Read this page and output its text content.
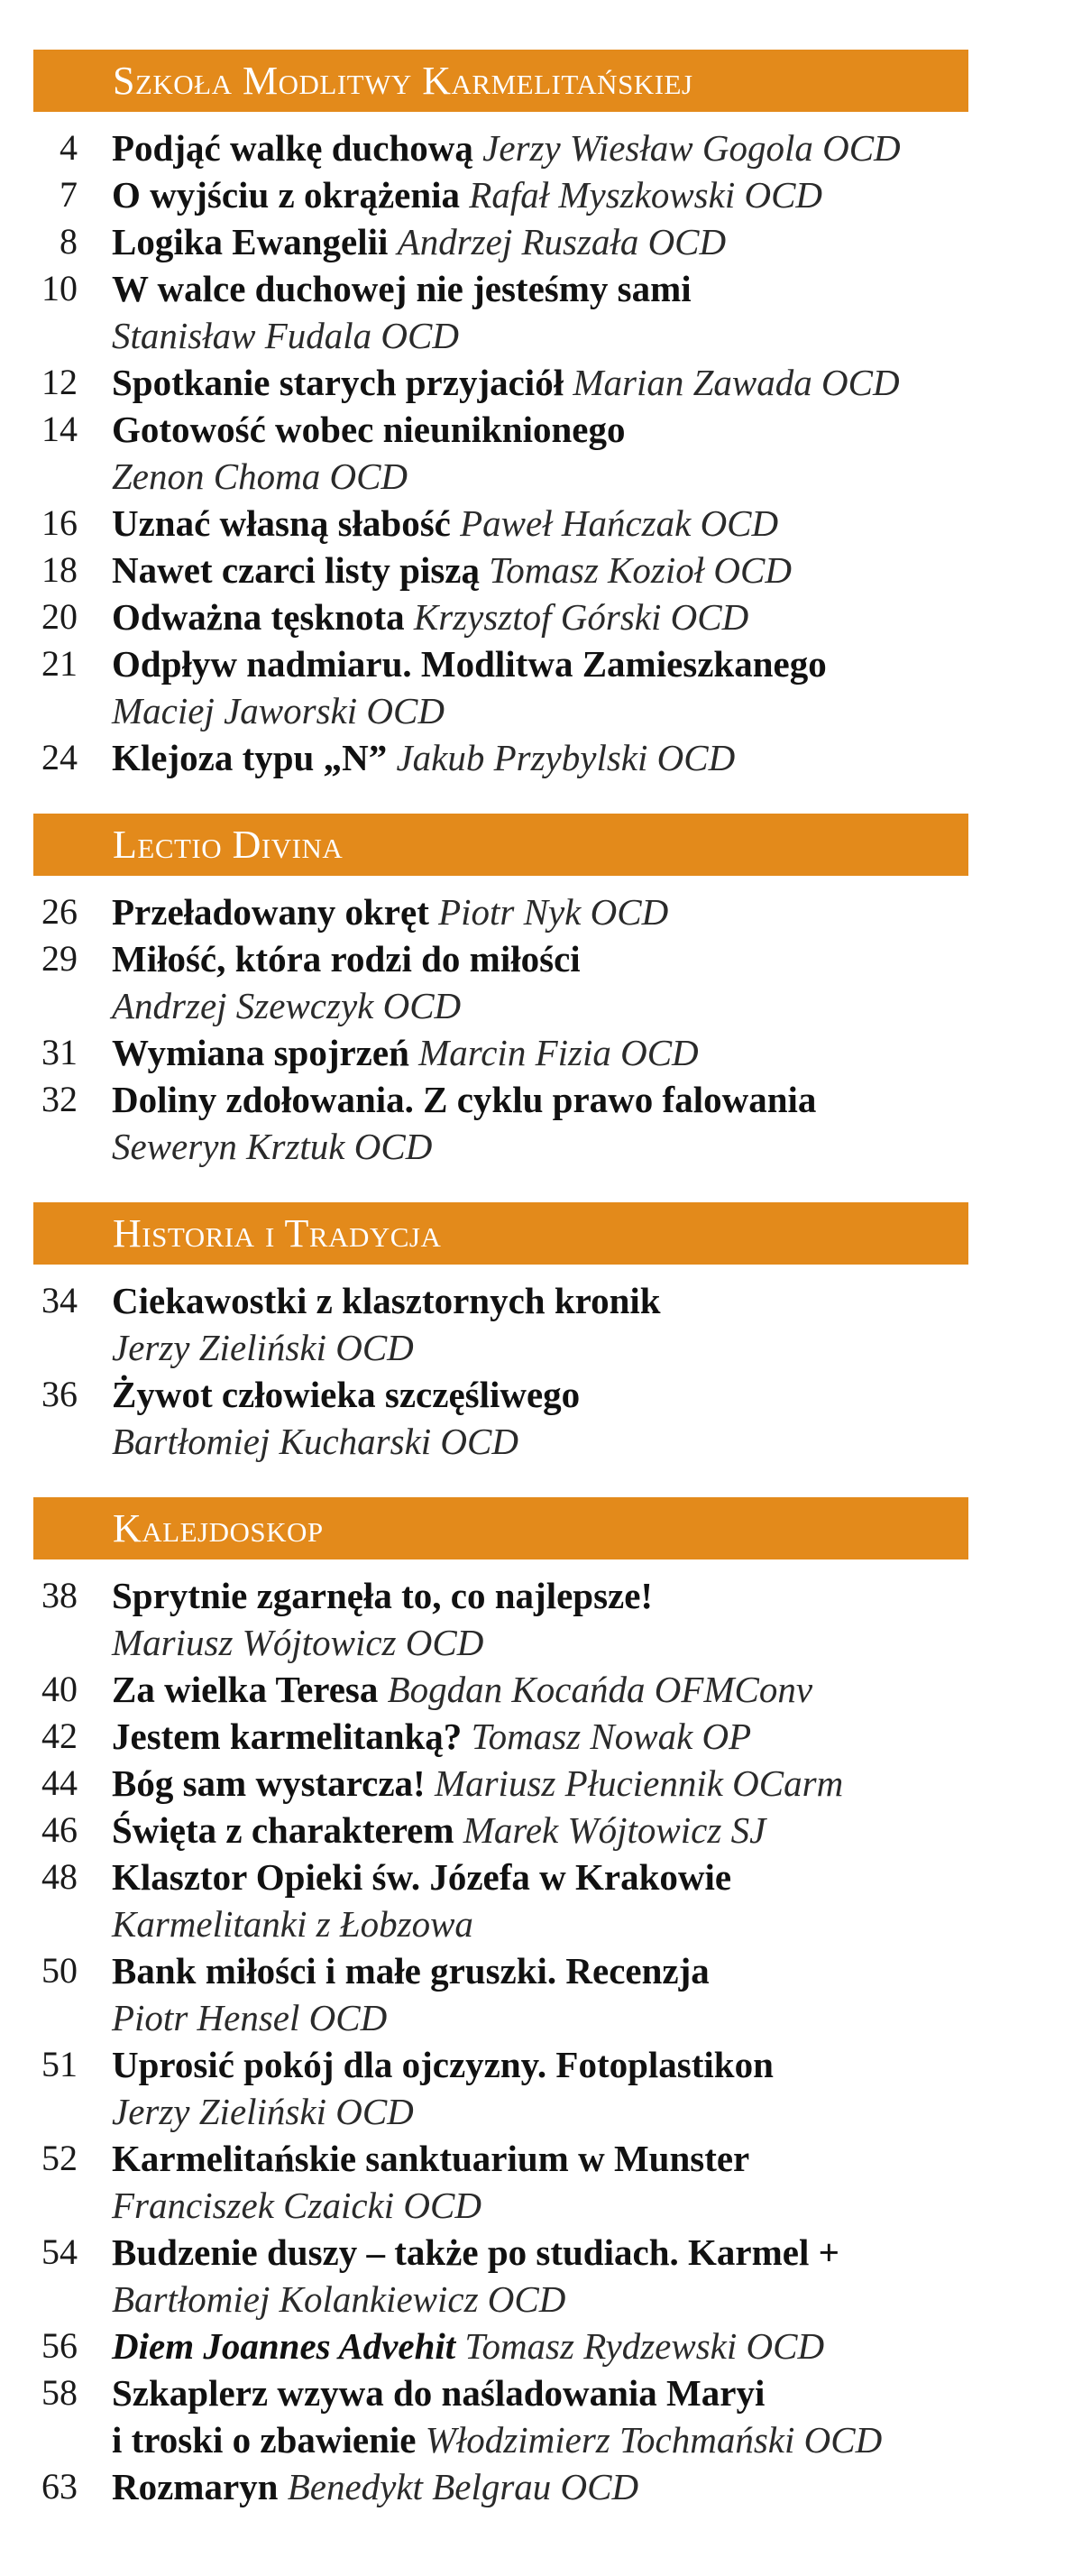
Szkoła Modlitwy Karmelitańskiej
4 Podjąć walkę duchową Jerzy Wiesław Gogola OCD
7 O wyjściu z okrążenia Rafał Myszkowski OCD
8 Logika Ewangelii Andrzej Ruszała OCD
10 W walce duchowej nie jesteśmy sami
Stanisław Fudala OCD
12 Spotkanie starych przyjaciół Marian Zawada OCD
14 Gotowość wobec nieuniknionego
Zenon Choma OCD
16 Uznać własną słabość Paweł Hańczak OCD
18 Nawet czarci listy piszą Tomasz Kozioł OCD
20 Odważna tęsknota Krzysztof Górski OCD
21 Odpływ nadmiaru. Modlitwa Zamieszkanego
Maciej Jaworski OCD
24 Klejoza typu „N” Jakub Przybylski OCD
Lectio Divina
26 Przeładowany okręt Piotr Nyk OCD
29 Miłość, która rodzi do miłości
Andrzej Szewczyk OCD
31 Wymiana spojrzeń Marcin Fizia OCD
32 Doliny zdołowania. Z cyklu prawo falowania
Seweryn Krztuk OCD
Historia i Tradycja
34 Ciekawostki z klasztornych kronik
Jerzy Zieliński OCD
36 Żywot człowieka szczęśliwego
Bartłomiej Kucharski OCD
Kalejdoskop
38 Sprytnie zgarnęła to, co najlepsze!
Mariusz Wójtowicz OCD
40 Za wielka Teresa Bogdan Kocańda OFMConv
42 Jestem karmelitanką? Tomasz Nowak OP
44 Bóg sam wystarcza! Mariusz Płuciennik OCarm
46 Święta z charakterem Marek Wójtowicz SJ
48 Klasztor Opieki św. Józefa w Krakowie
Karmelitanki z Łobzowa
50 Bank miłości i małe gruszki. Recenzja
Piotr Hensel OCD
51 Uprosić pokój dla ojczyzny. Fotoplastikon
Jerzy Zieliński OCD
52 Karmelitańskie sanktuarium w Munster
Franciszek Czaicki OCD
54 Budzenie duszy – także po studiach. Karmel +
Bartłomiej Kolankiewicz OCD
56 Diem Joannes Advehit Tomasz Rydzewski OCD
58 Szkaplerz wzywa do naśladowania Maryi
i troski o zbawienie Włodzimierz Tochmański OCD
63 Rozmaryn Benedykt Belgrau OCD
